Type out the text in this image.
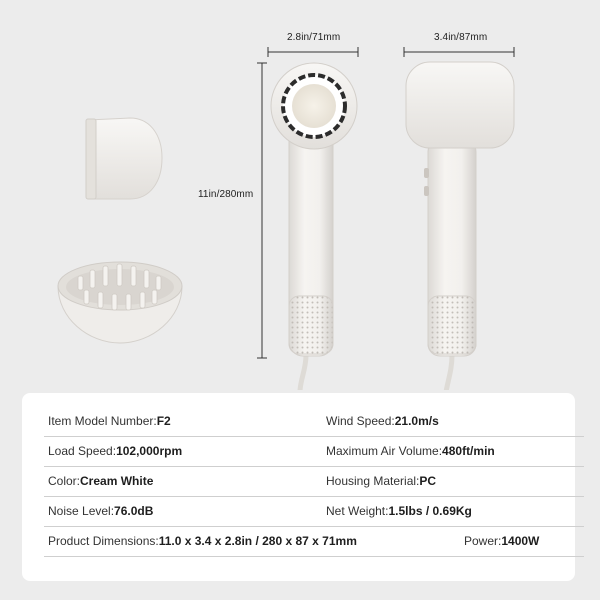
2.8in/71mm	3.4in/87mm
11in/280mm
Item Model Number:F2	Wind Speed:21.0m/s
Load Speed:102,000rpm	Maximum Air Volume:480ft/min
Color:Cream White	Housing Material:PC
Noise Level:76.0dB	Net Weight:1.5lbs / 0.69Kg
Product Dimensions:11.0 x 3.4 x 2.8in / 280 x 87 x 71mm	Power:1400W
